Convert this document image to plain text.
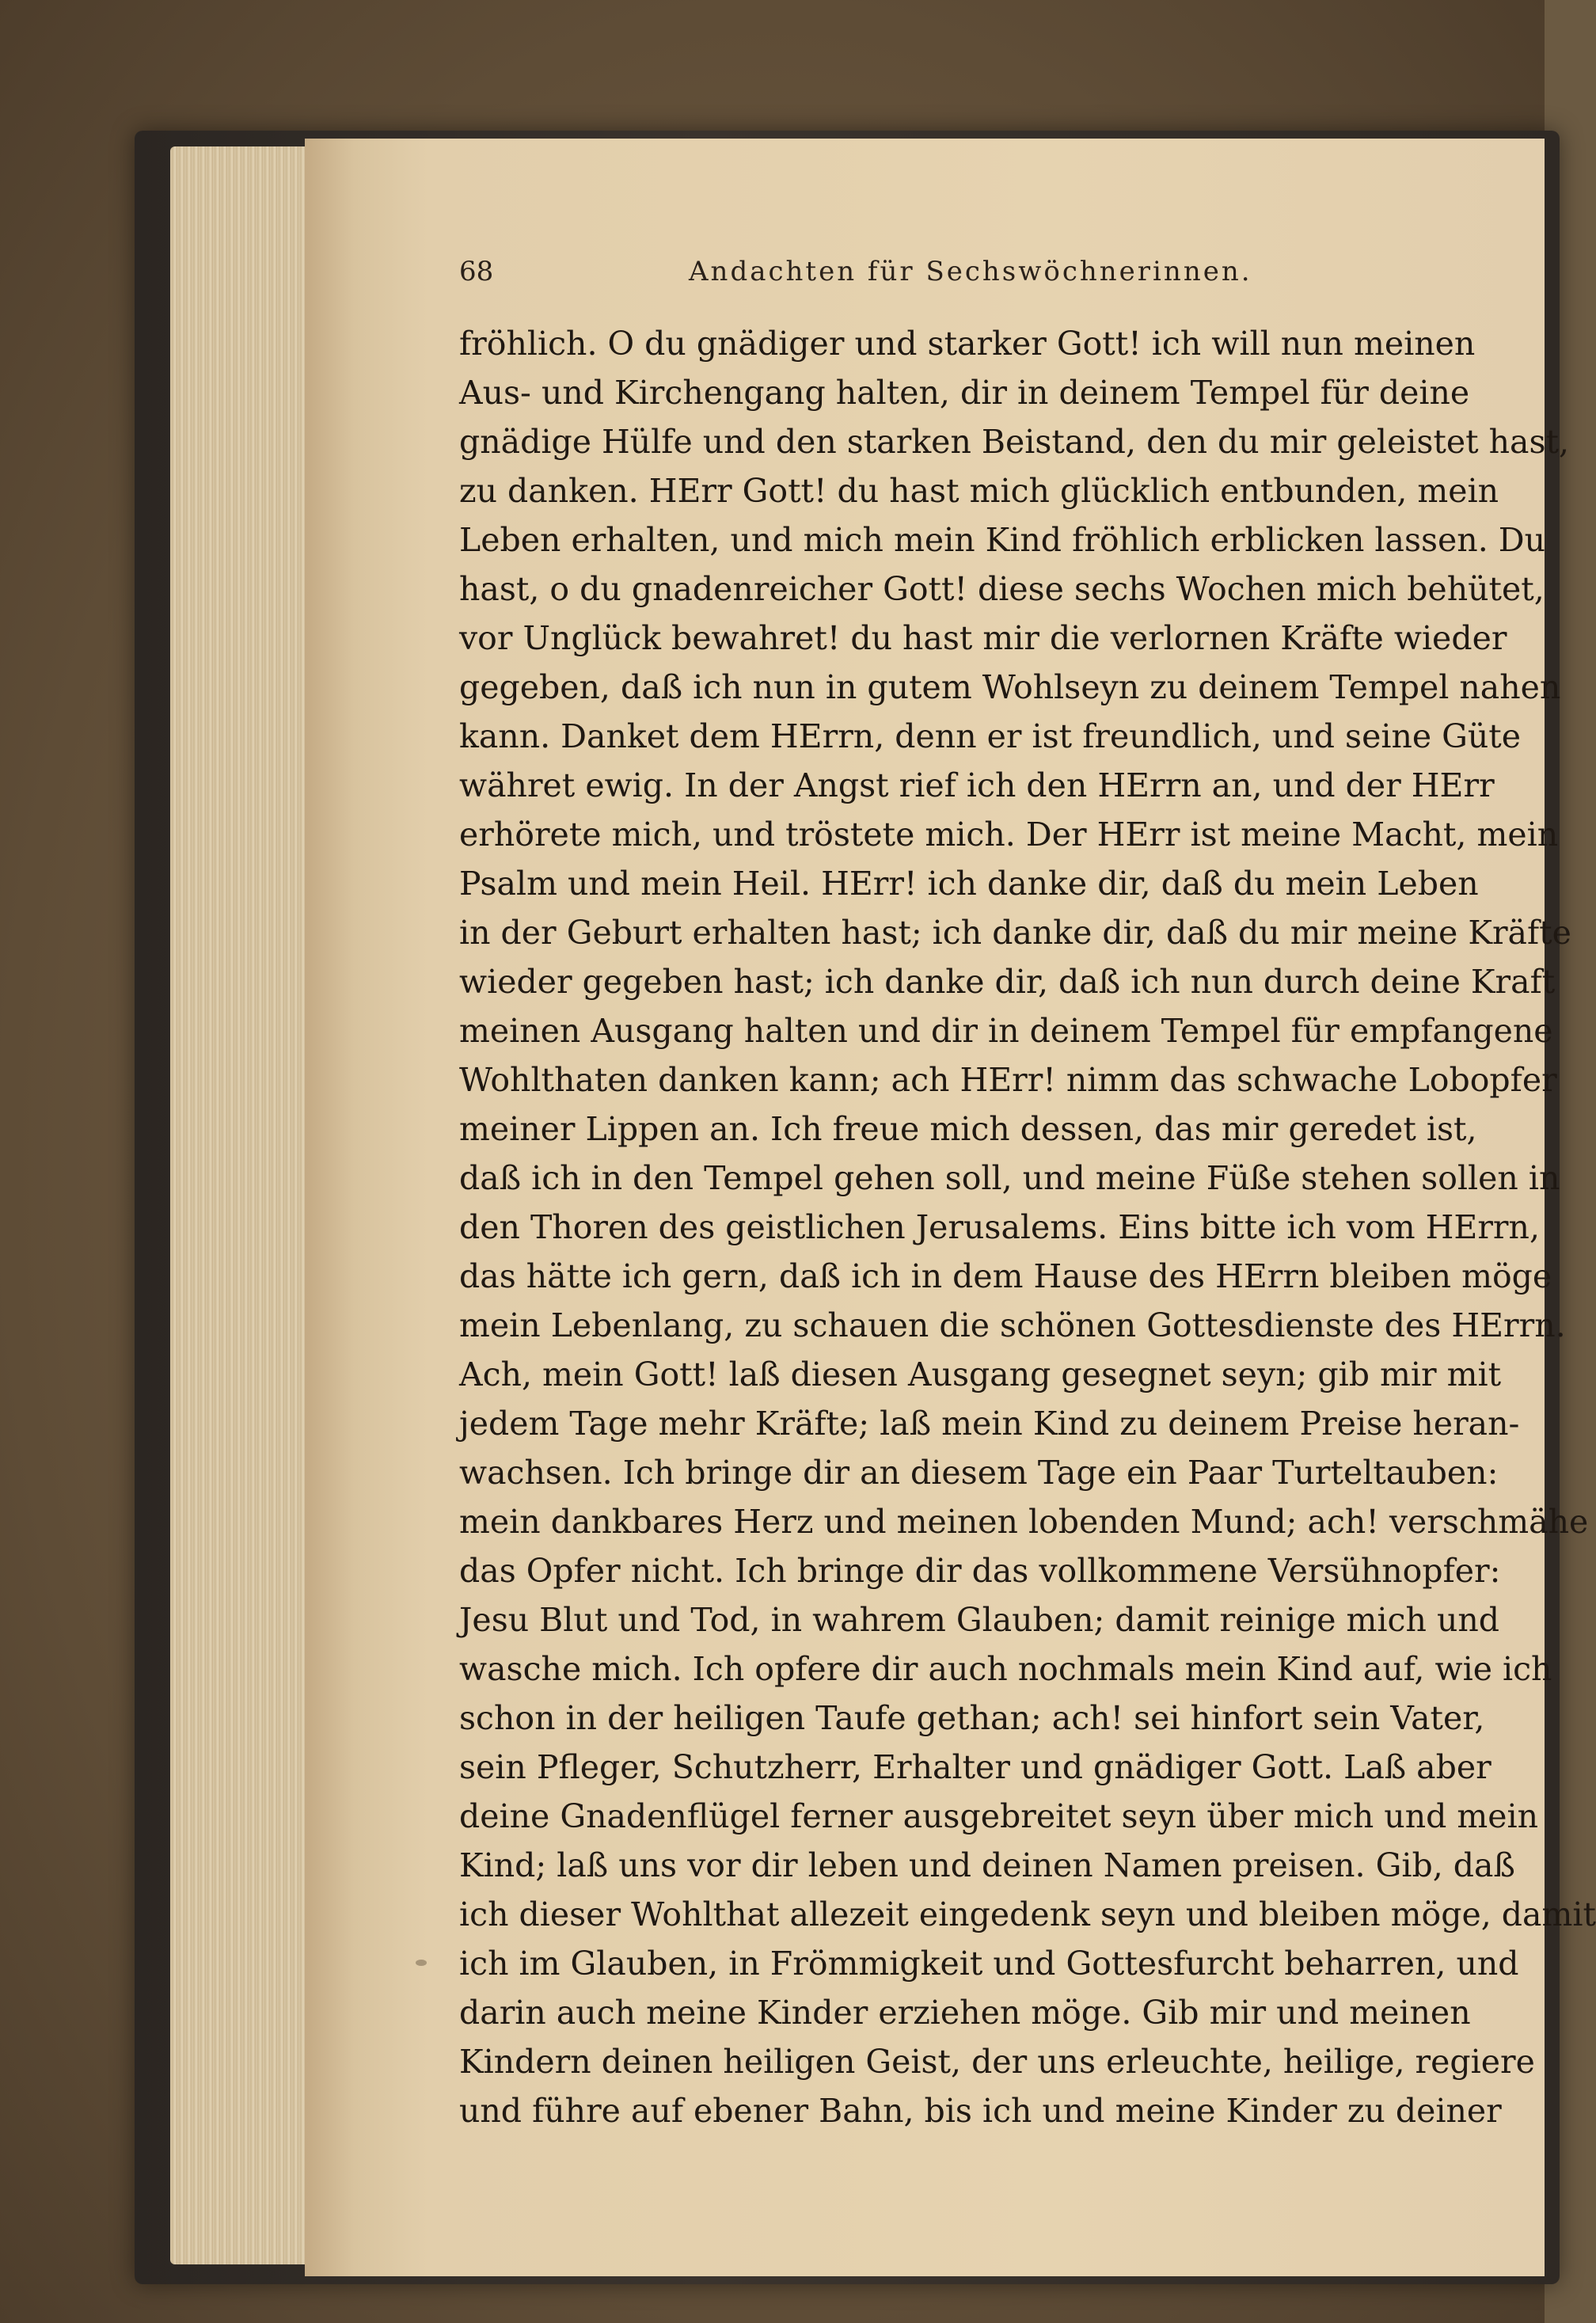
68	Andachten für Sechswöchnerinnen.
fröhlich. O du gnädiger und starker Gott! ich will nun meinen
Aus- und Kirchengang halten, dir in deinem Tempel für deine
gnädige Hülfe und den starken Beistand, den du mir geleistet hast,
zu danken. HErr Gott! du hast mich glücklich entbunden, mein
Leben erhalten, und mich mein Kind fröhlich erblicken lassen. Du
hast, o du gnadenreicher Gott! diese sechs Wochen mich behütet,
vor Unglück bewahret! du hast mir die verlornen Kräfte wieder
gegeben, daß ich nun in gutem Wohlseyn zu deinem Tempel nahen
kann. Danket dem HErrn, denn er ist freundlich, und seine Güte
währet ewig. In der Angst rief ich den HErrn an, und der HErr
erhörete mich, und tröstete mich. Der HErr ist meine Macht, mein
Psalm und mein Heil. HErr! ich danke dir, daß du mein Leben
in der Geburt erhalten hast; ich danke dir, daß du mir meine Kräfte
wieder gegeben hast; ich danke dir, daß ich nun durch deine Kraft
meinen Ausgang halten und dir in deinem Tempel für empfangene
Wohlthaten danken kann; ach HErr! nimm das schwache Lobopfer
meiner Lippen an. Ich freue mich dessen, das mir geredet ist,
daß ich in den Tempel gehen soll, und meine Füße stehen sollen in
den Thoren des geistlichen Jerusalems. Eins bitte ich vom HErrn,
das hätte ich gern, daß ich in dem Hause des HErrn bleiben möge
mein Lebenlang, zu schauen die schönen Gottesdienste des HErrn.
Ach, mein Gott! laß diesen Ausgang gesegnet seyn; gib mir mit
jedem Tage mehr Kräfte; laß mein Kind zu deinem Preise heran-
wachsen. Ich bringe dir an diesem Tage ein Paar Turteltauben:
mein dankbares Herz und meinen lobenden Mund; ach! verschmähe
das Opfer nicht. Ich bringe dir das vollkommene Versühnopfer:
Jesu Blut und Tod, in wahrem Glauben; damit reinige mich und
wasche mich. Ich opfere dir auch nochmals mein Kind auf, wie ich
schon in der heiligen Taufe gethan; ach! sei hinfort sein Vater,
sein Pfleger, Schutzherr, Erhalter und gnädiger Gott. Laß aber
deine Gnadenflügel ferner ausgebreitet seyn über mich und mein
Kind; laß uns vor dir leben und deinen Namen preisen. Gib, daß
ich dieser Wohlthat allezeit eingedenk seyn und bleiben möge, damit
ich im Glauben, in Frömmigkeit und Gottesfurcht beharren, und
darin auch meine Kinder erziehen möge. Gib mir und meinen
Kindern deinen heiligen Geist, der uns erleuchte, heilige, regiere
und führe auf ebener Bahn, bis ich und meine Kinder zu deiner
